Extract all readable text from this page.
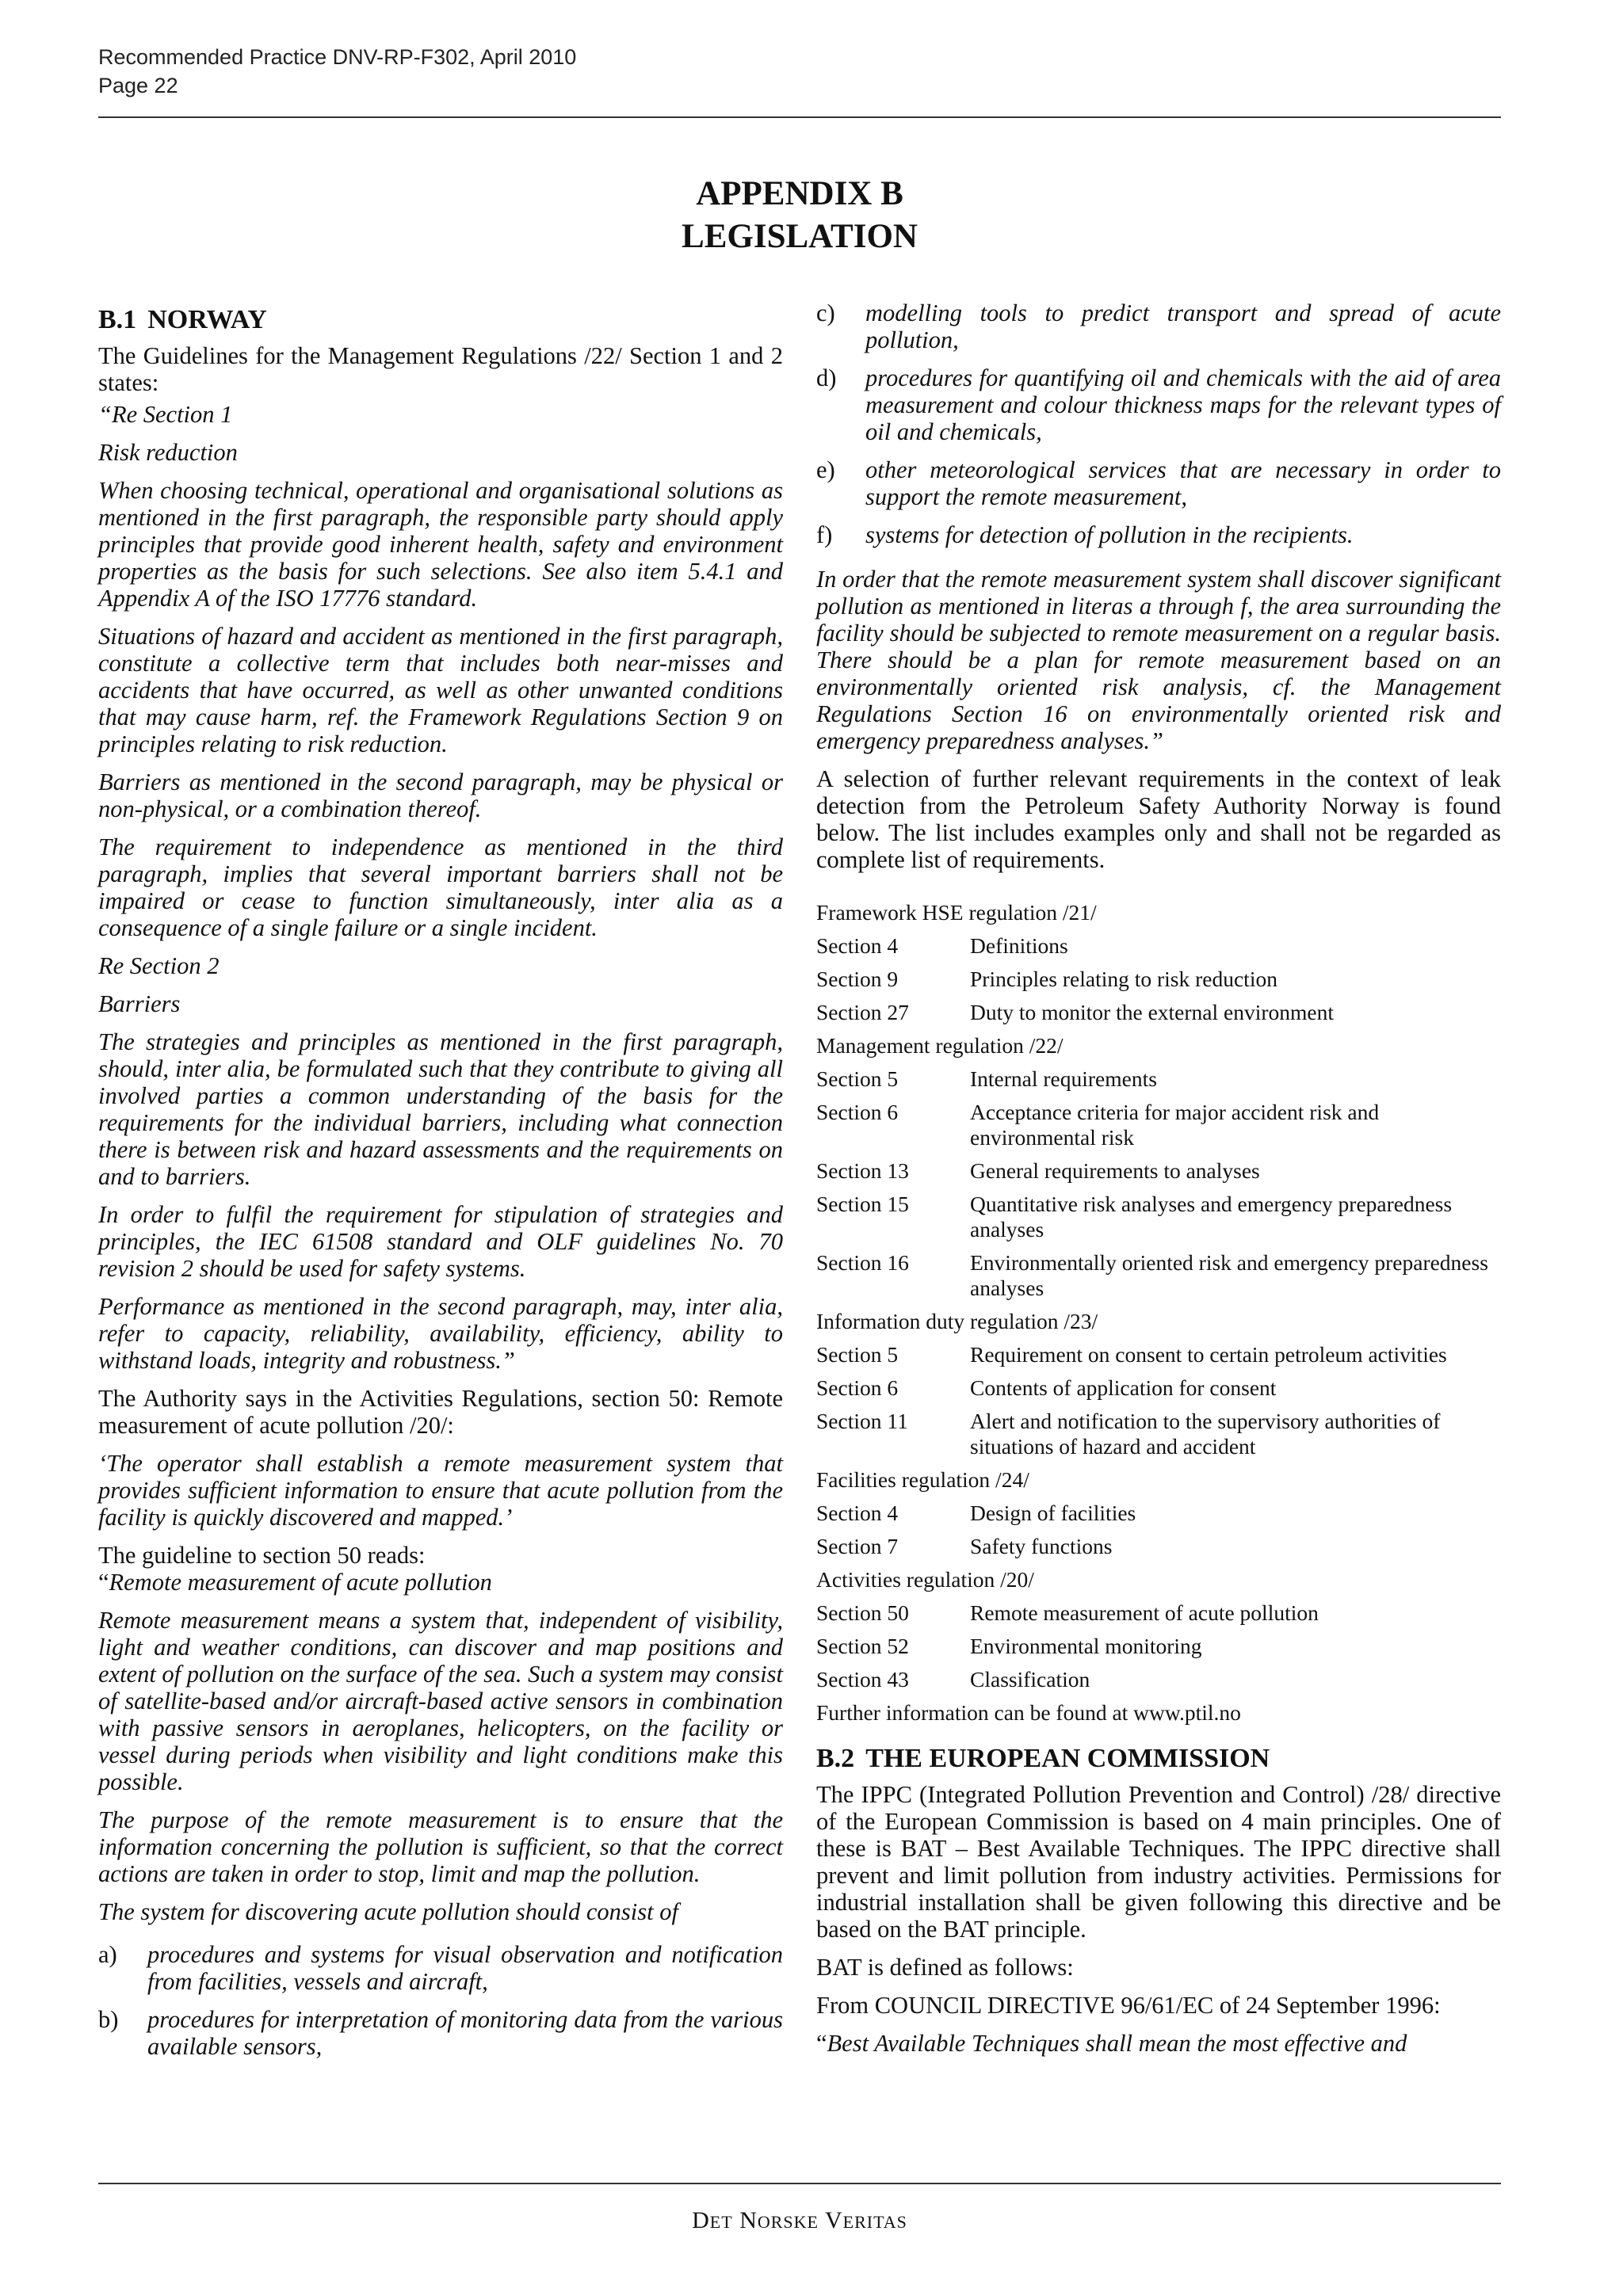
Recommended Practice DNV-RP-F302, April 2010
Page 22
APPENDIX B
LEGISLATION
B.1 NORWAY

The Guidelines for the Management Regulations /22/ Section 1 and 2 states:

“Re Section 1

Risk reduction

When choosing technical, operational and organisational solutions as mentioned in the first paragraph, the responsible party should apply principles that provide good inherent health, safety and environment properties as the basis for such selections. See also item 5.4.1 and Appendix A of the ISO 17776 standard.

Situations of hazard and accident as mentioned in the first paragraph, constitute a collective term that includes both near-misses and accidents that have occurred, as well as other unwanted conditions that may cause harm, ref. the Framework Regulations Section 9 on principles relating to risk reduction.

Barriers as mentioned in the second paragraph, may be physical or non-physical, or a combination thereof.

The requirement to independence as mentioned in the third paragraph, implies that several important barriers shall not be impaired or cease to function simultaneously, inter alia as a consequence of a single failure or a single incident.

Re Section 2

Barriers

The strategies and principles as mentioned in the first paragraph, should, inter alia, be formulated such that they contribute to giving all involved parties a common understanding of the basis for the requirements for the individual barriers, including what connection there is between risk and hazard assessments and the requirements on and to barriers.

In order to fulfil the requirement for stipulation of strategies and principles, the IEC 61508 standard and OLF guidelines No. 70 revision 2 should be used for safety systems.

Performance as mentioned in the second paragraph, may, inter alia, refer to capacity, reliability, availability, efficiency, ability to withstand loads, integrity and robustness.”

The Authority says in the Activities Regulations, section 50: Remote measurement of acute pollution /20/:

‘The operator shall establish a remote measurement system that provides sufficient information to ensure that acute pollution from the facility is quickly discovered and mapped.’

The guideline to section 50 reads:
“Remote measurement of acute pollution

Remote measurement means a system that, independent of visibility, light and weather conditions, can discover and map positions and extent of pollution on the surface of the sea. Such a system may consist of satellite-based and/or aircraft-based active sensors in combination with passive sensors in aeroplanes, helicopters, on the facility or vessel during periods when visibility and light conditions make this possible.

The purpose of the remote measurement is to ensure that the information concerning the pollution is sufficient, so that the correct actions are taken in order to stop, limit and map the pollution.

The system for discovering acute pollution should consist of

a)	procedures and systems for visual observation and notification from facilities, vessels and aircraft,
b)	procedures for interpretation of monitoring data from the various available sensors,
c)	modelling tools to predict transport and spread of acute pollution,
d)	procedures for quantifying oil and chemicals with the aid of area measurement and colour thickness maps for the relevant types of oil and chemicals,
e)	other meteorological services that are necessary in order to support the remote measurement,
f)	systems for detection of pollution in the recipients.

In order that the remote measurement system shall discover significant pollution as mentioned in literas a through f, the area surrounding the facility should be subjected to remote measurement on a regular basis. There should be a plan for remote measurement based on an environmentally oriented risk analysis, cf. the Management Regulations Section 16 on environmentally oriented risk and emergency preparedness analyses.”

A selection of further relevant requirements in the context of leak detection from the Petroleum Safety Authority Norway is found below. The list includes examples only and shall not be regarded as complete list of requirements.

Framework HSE regulation /21/
Section 4	Definitions
Section 9	Principles relating to risk reduction
Section 27	Duty to monitor the external environment
Management regulation /22/
Section 5	Internal requirements
Section 6	Acceptance criteria for major accident risk and environmental risk
Section 13	General requirements to analyses
Section 15	Quantitative risk analyses and emergency preparedness analyses
Section 16	Environmentally oriented risk and emergency preparedness analyses
Information duty regulation /23/
Section 5	Requirement on consent to certain petroleum activities
Section 6	Contents of application for consent
Section 11	Alert and notification to the supervisory authorities of situations of hazard and accident
Facilities regulation /24/
Section 4	Design of facilities
Section 7	Safety functions
Activities regulation /20/
Section 50	Remote measurement of acute pollution
Section 52	Environmental monitoring
Section 43	Classification
Further information can be found at www.ptil.no
B.2 THE EUROPEAN COMMISSION

The IPPC (Integrated Pollution Prevention and Control) /28/ directive of the European Commission is based on 4 main principles. One of these is BAT – Best Available Techniques. The IPPC directive shall prevent and limit pollution from industry activities. Permissions for industrial installation shall be given following this directive and be based on the BAT principle.

BAT is defined as follows:

From COUNCIL DIRECTIVE 96/61/EC of 24 September 1996:

“Best Available Techniques shall mean the most effective and

DET NORSKE VERITAS
